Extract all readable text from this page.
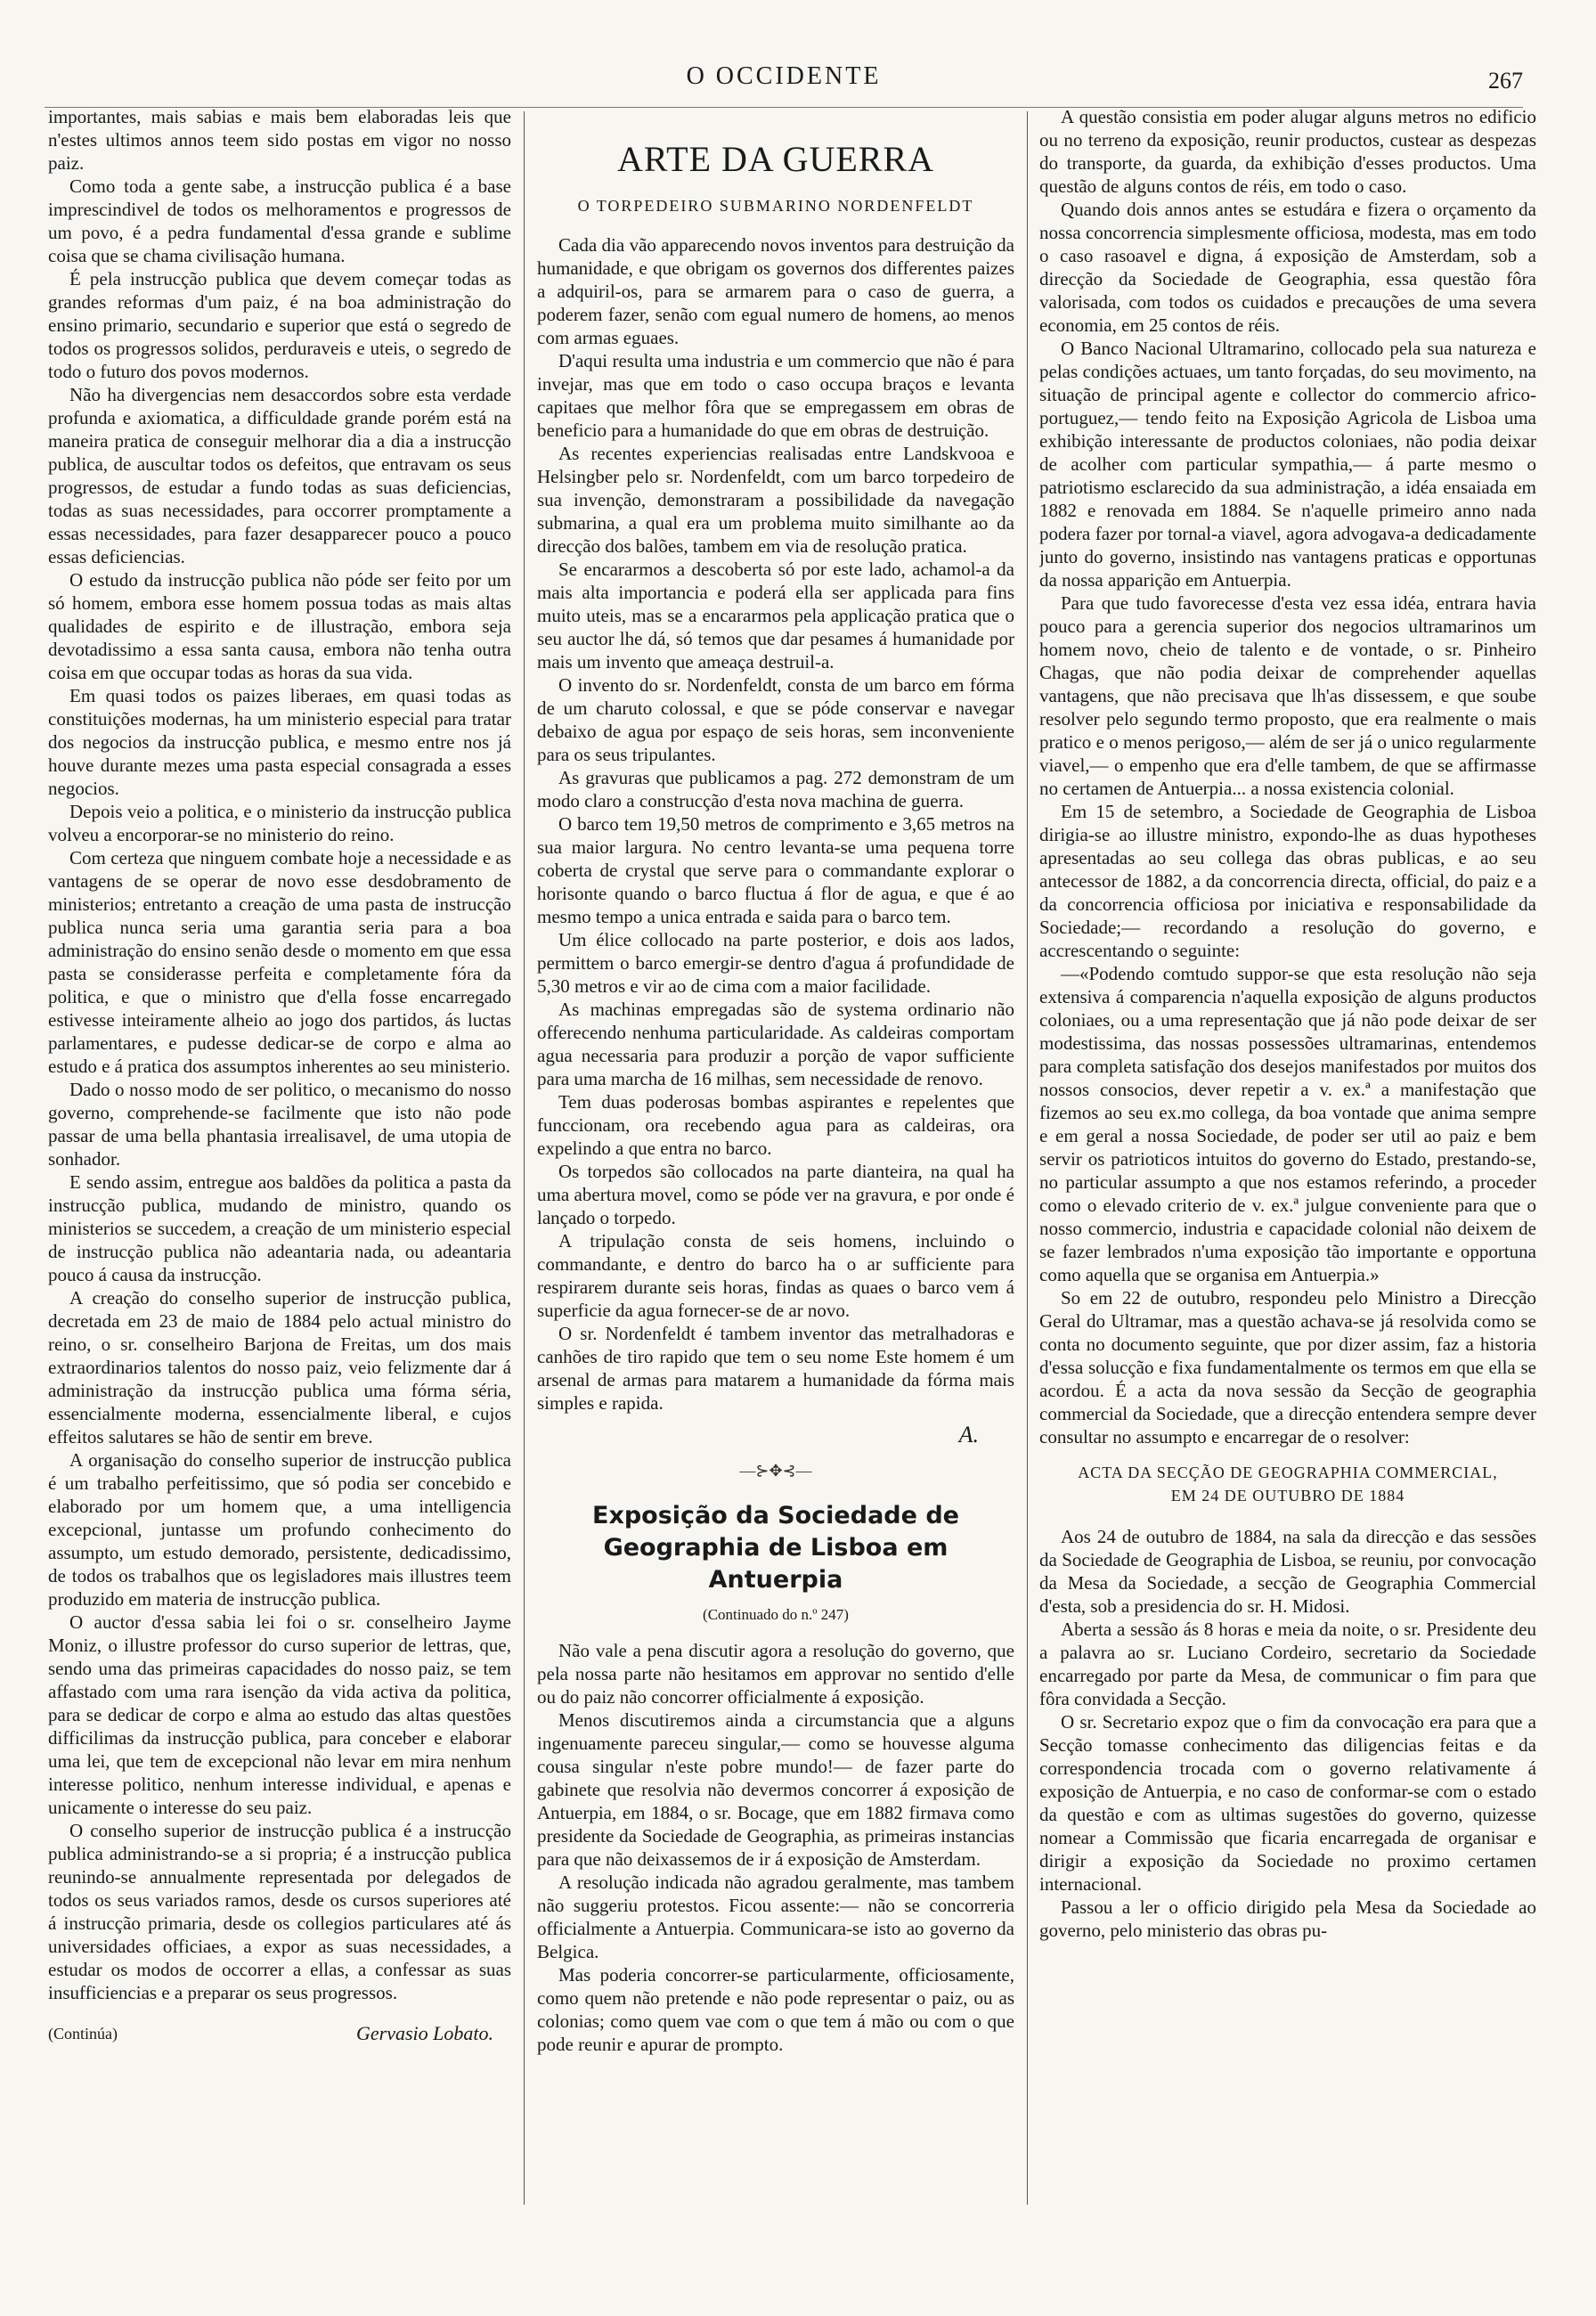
O OCCIDENTE	267

importantes, mais sabias e mais bem elaboradas leis que n'estes ultimos annos teem sido postas em vigor no nosso paiz.

Como toda a gente sabe, a instrucção publica é a base imprescindivel de todos os melhoramentos e progressos de um povo, é a pedra fundamental d'essa grande e sublime coisa que se chama civilisação humana.

É pela instrucção publica que devem começar todas as grandes reformas d'um paiz, é na boa administração do ensino primario, secundario e superior que está o segredo de todos os progressos solidos, perduraveis e uteis, o segredo de todo o futuro dos povos modernos.

Não ha divergencias nem desaccordos sobre esta verdade profunda e axiomatica, a difficuldade grande porém está na maneira pratica de conseguir melhorar dia a dia a instrucção publica, de auscultar todos os defeitos, que entravam os seus progressos, de estudar a fundo todas as suas deficiencias, todas as suas necessidades, para occorrer promptamente a essas necessidades, para fazer desapparecer pouco a pouco essas deficiencias.

O estudo da instrucção publica não póde ser feito por um só homem, embora esse homem possua todas as mais altas qualidades de espirito e de illustração, embora seja devotadissimo a essa santa causa, embora não tenha outra coisa em que occupar todas as horas da sua vida.

Em quasi todos os paizes liberaes, em quasi todas as constituições modernas, ha um ministerio especial para tratar dos negocios da instrucção publica, e mesmo entre nos já houve durante mezes uma pasta especial consagrada a esses negocios.

Depois veio a politica, e o ministerio da instrucção publica volveu a encorporar-se no ministerio do reino.

Com certeza que ninguem combate hoje a necessidade e as vantagens de se operar de novo esse desdobramento de ministerios; entretanto a creação de uma pasta de instrucção publica nunca seria uma garantia seria para a boa administração do ensino senão desde o momento em que essa pasta se considerasse perfeita e completamente fóra da politica, e que o ministro que d'ella fosse encarregado estivesse inteiramente alheio ao jogo dos partidos, ás luctas parlamentares, e pudesse dedicar-se de corpo e alma ao estudo e á pratica dos assumptos inherentes ao seu ministerio.

Dado o nosso modo de ser politico, o mecanismo do nosso governo, comprehende-se facilmente que isto não pode passar de uma bella phantasia irrealisavel, de uma utopia de sonhador.

E sendo assim, entregue aos baldões da politica a pasta da instrucção publica, mudando de ministro, quando os ministerios se succedem, a creação de um ministerio especial de instrucção publica não adeantaria nada, ou adeantaria pouco á causa da instrucção.

A creação do conselho superior de instrucção publica, decretada em 23 de maio de 1884 pelo actual ministro do reino, o sr. conselheiro Barjona de Freitas, um dos mais extraordinarios talentos do nosso paiz, veio felizmente dar á administração da instrucção publica uma fórma séria, essencialmente moderna, essencialmente liberal, e cujos effeitos salutares se hão de sentir em breve.

A organisação do conselho superior de instrucção publica é um trabalho perfeitissimo, que só podia ser concebido e elaborado por um homem que, a uma intelligencia excepcional, juntasse um profundo conhecimento do assumpto, um estudo demorado, persistente, dedicadissimo, de todos os trabalhos que os legisladores mais illustres teem produzido em materia de instrucção publica.

O auctor d'essa sabia lei foi o sr. conselheiro Jayme Moniz, o illustre professor do curso superior de lettras, que, sendo uma das primeiras capacidades do nosso paiz, se tem affastado com uma rara isenção da vida activa da politica, para se dedicar de corpo e alma ao estudo das altas questões difficilimas da instrucção publica, para conceber e elaborar uma lei, que tem de excepcional não levar em mira nenhum interesse politico, nenhum interesse individual, e apenas e unicamente o interesse do seu paiz.

O conselho superior de instrucção publica é a instrucção publica administrando-se a si propria; é a instrucção publica reunindo-se annualmente representada por delegados de todos os seus variados ramos, desde os cursos superiores até á instrucção primaria, desde os collegios particulares até ás universidades officiaes, a expor as suas necessidades, a estudar os modos de occorrer a ellas, a confessar as suas insufficiencias e a preparar os seus progressos.

(Continúa)	Gervasio Lobato.
ARTE DA GUERRA
O TORPEDEIRO SUBMARINO NORDENFELDT

Cada dia vão apparecendo novos inventos para destruição da humanidade, e que obrigam os governos dos differentes paizes a adquiril-os, para se armarem para o caso de guerra, a poderem fazer, senão com egual numero de homens, ao menos com armas eguaes.

D'aqui resulta uma industria e um commercio que não é para invejar, mas que em todo o caso occupa braços e levanta capitaes que melhor fôra que se empregassem em obras de beneficio para a humanidade do que em obras de destruição.

As recentes experiencias realisadas entre Landskvooa e Helsingber pelo sr. Nordenfeldt, com um barco torpedeiro de sua invenção, demonstraram a possibilidade da navegação submarina, a qual era um problema muito similhante ao da direcção dos balões, tambem em via de resolução pratica.

Se encararmos a descoberta só por este lado, achamol-a da mais alta importancia e poderá ella ser applicada para fins muito uteis, mas se a encararmos pela applicação pratica que o seu auctor lhe dá, só temos que dar pesames á humanidade por mais um invento que ameaça destruil-a.

O invento do sr. Nordenfeldt, consta de um barco em fórma de um charuto colossal, e que se póde conservar e navegar debaixo de agua por espaço de seis horas, sem inconveniente para os seus tripulantes.

As gravuras que publicamos a pag. 272 demonstram de um modo claro a construcção d'esta nova machina de guerra.

O barco tem 19,50 metros de comprimento e 3,65 metros na sua maior largura. No centro levanta-se uma pequena torre coberta de crystal que serve para o commandante explorar o horisonte quando o barco fluctua á flor de agua, e que é ao mesmo tempo a unica entrada e saida para o barco tem.

Um élice collocado na parte posterior, e dois aos lados, permittem o barco emergir-se dentro d'agua á profundidade de 5,30 metros e vir ao de cima com a maior facilidade.

As machinas empregadas são de systema ordinario não offerecendo nenhuma particularidade. As caldeiras comportam agua necessaria para produzir a porção de vapor sufficiente para uma marcha de 16 milhas, sem necessidade de renovo.

Tem duas poderosas bombas aspirantes e repelentes que funccionam, ora recebendo agua para as caldeiras, ora expelindo a que entra no barco.

Os torpedos são collocados na parte dianteira, na qual ha uma abertura movel, como se póde ver na gravura, e por onde é lançado o torpedo.

A tripulação consta de seis homens, incluindo o commandante, e dentro do barco ha o ar sufficiente para respirarem durante seis horas, findas as quaes o barco vem á superficie da agua fornecer-se de ar novo.

O sr. Nordenfeldt é tambem inventor das metralhadoras e canhões de tiro rapido que tem o seu nome Este homem é um arsenal de armas para matarem a humanidade da fórma mais simples e rapida.

A.
—⊱✥⊰—
Exposição da Sociedade de Geographia de Lisboa em Antuerpia
(Continuado do n.º 247)

Não vale a pena discutir agora a resolução do governo, que pela nossa parte não hesitamos em approvar no sentido d'elle ou do paiz não concorrer officialmente á exposição.

Menos discutiremos ainda a circumstancia que a alguns ingenuamente pareceu singular,— como se houvesse alguma cousa singular n'este pobre mundo!— de fazer parte do gabinete que resolvia não devermos concorrer á exposição de Antuerpia, em 1884, o sr. Bocage, que em 1882 firmava como presidente da Sociedade de Geographia, as primeiras instancias para que não deixassemos de ir á exposição de Amsterdam.

A resolução indicada não agradou geralmente, mas tambem não suggeriu protestos. Ficou assente:— não se concorreria officialmente a Antuerpia. Communicara-se isto ao governo da Belgica.

Mas poderia concorrer-se particularmente, officiosamente, como quem não pretende e não pode representar o paiz, ou as colonias; como quem vae com o que tem á mão ou com o que pode reunir e apurar de prompto.

A questão consistia em poder alugar alguns metros no edificio ou no terreno da exposição, reunir productos, custear as despezas do transporte, da guarda, da exhibição d'esses productos. Uma questão de alguns contos de réis, em todo o caso.

Quando dois annos antes se estudára e fizera o orçamento da nossa concorrencia simplesmente officiosa, modesta, mas em todo o caso rasoavel e digna, á exposição de Amsterdam, sob a direcção da Sociedade de Geographia, essa questão fôra valorisada, com todos os cuidados e precauções de uma severa economia, em 25 contos de réis.

O Banco Nacional Ultramarino, collocado pela sua natureza e pelas condições actuaes, um tanto forçadas, do seu movimento, na situação de principal agente e collector do commercio africo-portuguez,— tendo feito na Exposição Agricola de Lisboa uma exhibição interessante de productos coloniaes, não podia deixar de acolher com particular sympathia,— á parte mesmo o patriotismo esclarecido da sua administração, a idéa ensaiada em 1882 e renovada em 1884. Se n'aquelle primeiro anno nada podera fazer por tornal-a viavel, agora advogava-a dedicadamente junto do governo, insistindo nas vantagens praticas e opportunas da nossa apparição em Antuerpia.

Para que tudo favorecesse d'esta vez essa idéa, entrara havia pouco para a gerencia superior dos negocios ultramarinos um homem novo, cheio de talento e de vontade, o sr. Pinheiro Chagas, que não podia deixar de comprehender aquellas vantagens, que não precisava que lh'as dissessem, e que soube resolver pelo segundo termo proposto, que era realmente o mais pratico e o menos perigoso,— além de ser já o unico regularmente viavel,— o empenho que era d'elle tambem, de que se affirmasse no certamen de Antuerpia... a nossa existencia colonial.

Em 15 de setembro, a Sociedade de Geographia de Lisboa dirigia-se ao illustre ministro, expondo-lhe as duas hypotheses apresentadas ao seu collega das obras publicas, e ao seu antecessor de 1882, a da concorrencia directa, official, do paiz e a da concorrencia officiosa por iniciativa e responsabilidade da Sociedade;— recordando a resolução do governo, e accrescentando o seguinte:

—«Podendo comtudo suppor-se que esta resolução não seja extensiva á comparencia n'aquella exposição de alguns productos coloniaes, ou a uma representação que já não pode deixar de ser modestissima, das nossas possessões ultramarinas, entendemos para completa satisfação dos desejos manifestados por muitos dos nossos consocios, dever repetir a v. ex.ª a manifestação que fizemos ao seu ex.mo collega, da boa vontade que anima sempre e em geral a nossa Sociedade, de poder ser util ao paiz e bem servir os patrioticos intuitos do governo do Estado, prestando-se, no particular assumpto a que nos estamos referindo, a proceder como o elevado criterio de v. ex.ª julgue conveniente para que o nosso commercio, industria e capacidade colonial não deixem de se fazer lembrados n'uma exposição tão importante e opportuna como aquella que se organisa em Antuerpia.»

So em 22 de outubro, respondeu pelo Ministro a Direcção Geral do Ultramar, mas a questão achava-se já resolvida como se conta no documento seguinte, que por dizer assim, faz a historia d'essa solucção e fixa fundamentalmente os termos em que ella se acordou. É a acta da nova sessão da Secção de geographia commercial da Sociedade, que a direcção entendera sempre dever consultar no assumpto e encarregar de o resolver:

ACTA DA SECÇÃO DE GEOGRAPHIA COMMERCIAL,
EM 24 DE OUTUBRO DE 1884

Aos 24 de outubro de 1884, na sala da direcção e das sessões da Sociedade de Geographia de Lisboa, se reuniu, por convocação da Mesa da Sociedade, a secção de Geographia Commercial d'esta, sob a presidencia do sr. H. Midosi.

Aberta a sessão ás 8 horas e meia da noite, o sr. Presidente deu a palavra ao sr. Luciano Cordeiro, secretario da Sociedade encarregado por parte da Mesa, de communicar o fim para que fôra convidada a Secção.

O sr. Secretario expoz que o fim da convocação era para que a Secção tomasse conhecimento das diligencias feitas e da correspondencia trocada com o governo relativamente á exposição de Antuerpia, e no caso de conformar-se com o estado da questão e com as ultimas sugestões do governo, quizesse nomear a Commissão que ficaria encarregada de organisar e dirigir a exposição da Sociedade no proximo certamen internacional.

Passou a ler o officio dirigido pela Mesa da Sociedade ao governo, pelo ministerio das obras pu-
